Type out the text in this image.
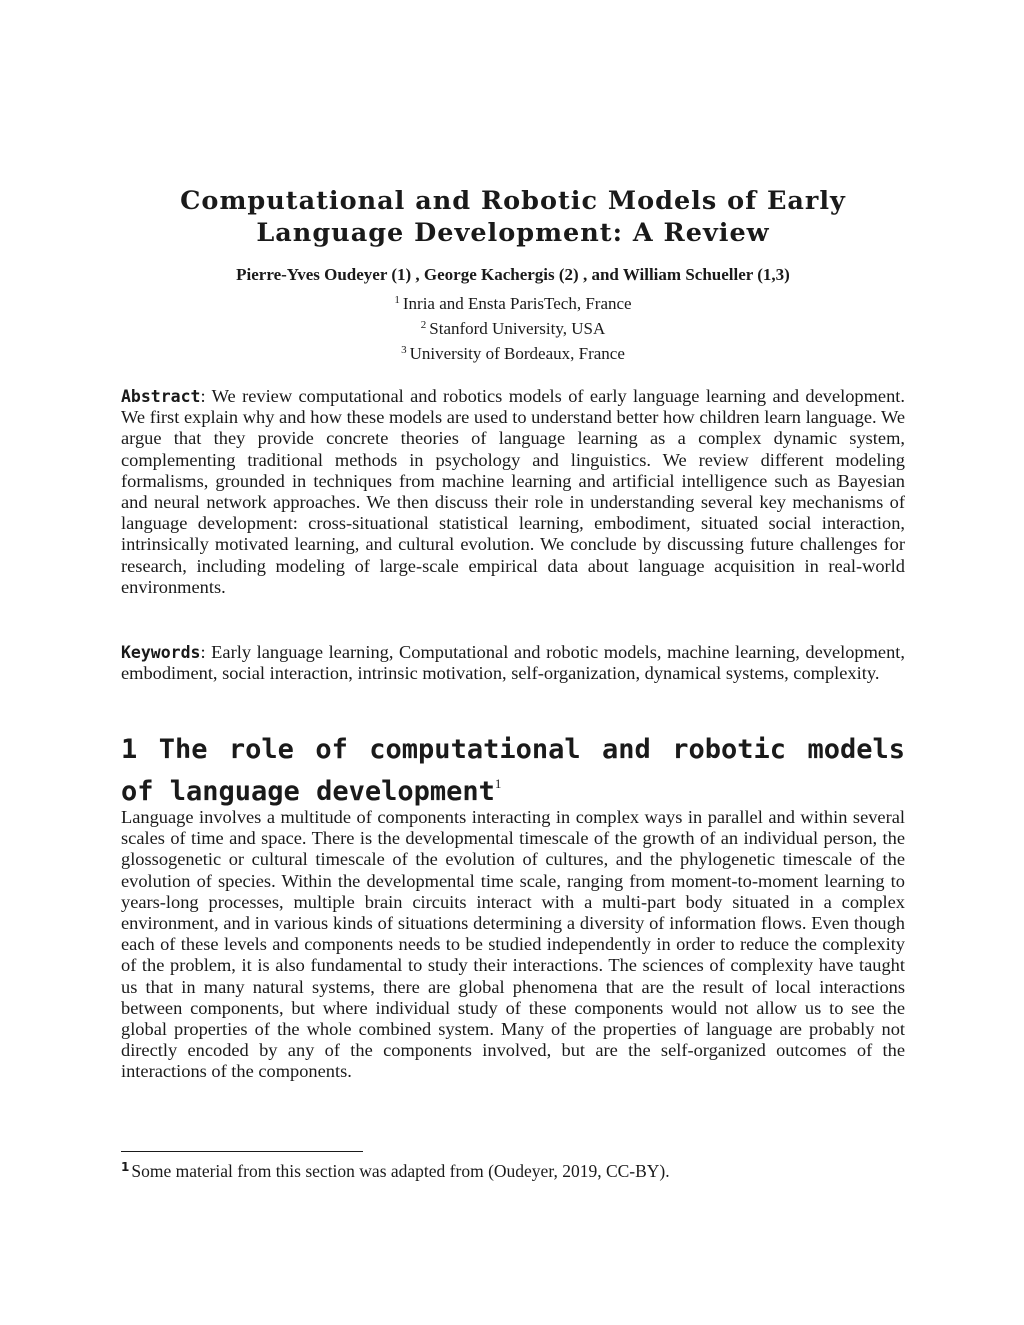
Computational and Robotic Models of Early
Language Development: A Review
Pierre-Yves Oudeyer (1) , George Kachergis (2) , and William Schueller (1,3)
$^1$ Inria and Ensta ParisTech, France
$^2$ Stanford University, USA
$^3$ University of Bordeaux, France

Abstract: We review computational and robotics models of early language learning and development. We first explain why and how these models are used to understand better how children learn language. We argue that they provide concrete theories of language learning as a complex dynamic system, complementing traditional methods in psychology and linguistics. We review different modeling formalisms, grounded in techniques from machine learning and artificial intelligence such as Bayesian and neural network approaches. We then discuss their role in understanding several key mechanisms of language development: cross-situational statistical learning, embodiment, situated social interaction, intrinsically motivated learning, and cultural evolution. We conclude by discussing future challenges for research, including modeling of large-scale empirical data about language acquisition in real-world environments.

Keywords: Early language learning, Computational and robotic models, machine learning, development, embodiment, social interaction, intrinsic motivation, self-organization, dynamical systems, complexity.

1 The role of computational and robotic models of language development$^1$

Language involves a multitude of components interacting in complex ways in parallel and within several scales of time and space. There is the developmental timescale of the growth of an individual person, the glossogenetic or cultural timescale of the evolution of cultures, and the phylogenetic timescale of the evolution of species. Within the developmental time scale, ranging from moment-to-moment learning to years-long processes, multiple brain circuits interact with a multi-part body situated in a complex environment, and in various kinds of situations determining a diversity of information flows. Even though each of these levels and components needs to be studied independently in order to reduce the complexity of the problem, it is also fundamental to study their interactions. The sciences of complexity have taught us that in many natural systems, there are global phenomena that are the result of local interactions between components, but where individual study of these components would not allow us to see the global properties of the whole combined system. Many of the properties of language are probably not directly encoded by any of the components involved, but are the self-organized outcomes of the interactions of the components.

$^1$ Some material from this section was adapted from (Oudeyer, 2019, CC-BY).
